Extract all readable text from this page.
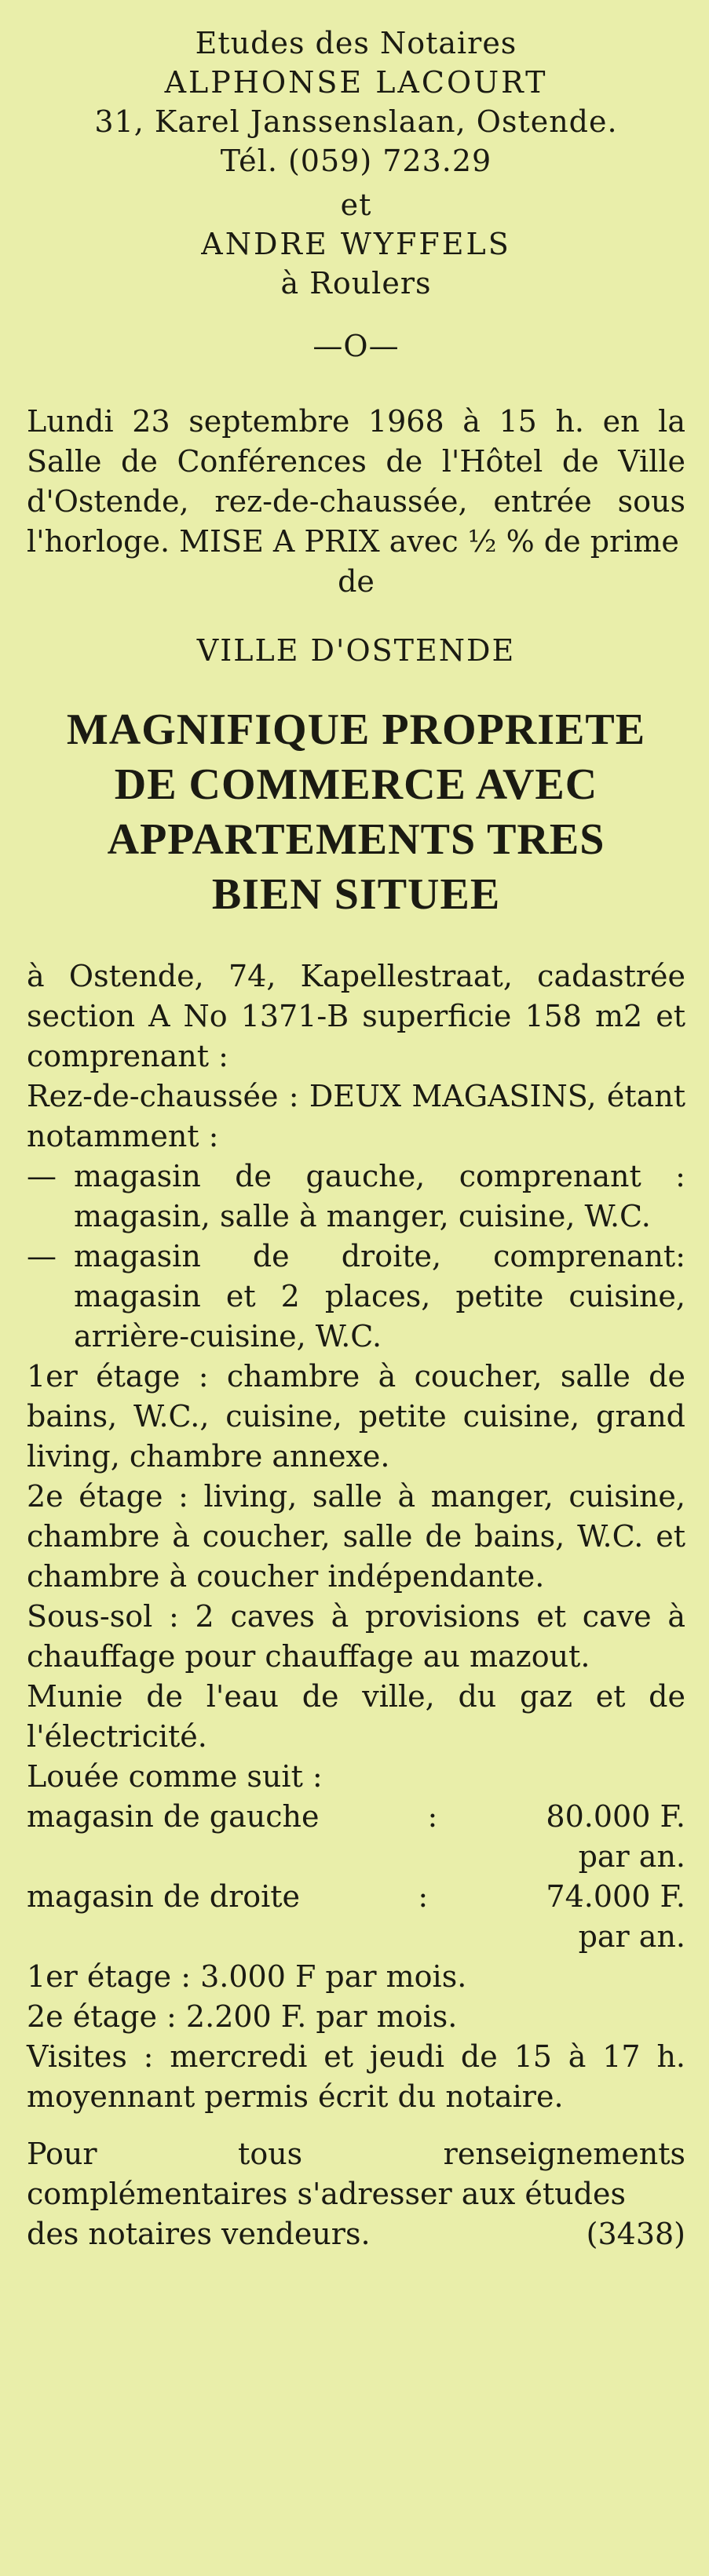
Etudes des Notaires
ALPHONSE LACOURT
31, Karel Janssenslaan, Ostende.
Tél. (059) 723.29
et
ANDRE WYFFELS
à Roulers
—O—
Lundi 23 septembre 1968 à 15 h. en la Salle de Conférences de l'Hôtel de Ville d'Ostende, rez-de-chaussée, entrée sous l'horloge. MISE A PRIX avec ½ % de prime
de
VILLE D'OSTENDE
MAGNIFIQUE PROPRIETE
DE COMMERCE AVEC
APPARTEMENTS TRES
BIEN SITUEE

à Ostende, 74, Kapellestraat, cadastrée section A No 1371-B superficie 158 m2 et comprenant :

Rez-de-chaussée : DEUX MAGASINS, étant notamment :

— magasin de gauche, comprenant : magasin, salle à manger, cuisine, W.C.
— magasin de droite, comprenant: magasin et 2 places, petite cuisine, arrière-cuisine, W.C.

1er étage : chambre à coucher, salle de bains, W.C., cuisine, petite cuisine, grand living, chambre annexe.

2e étage : living, salle à manger, cuisine, chambre à coucher, salle de bains, W.C. et chambre à coucher indépendante.

Sous-sol : 2 caves à provisions et cave à chauffage pour chauffage au mazout.

Munie de l'eau de ville, du gaz et de l'électricité.

Louée comme suit :

magasin de gauche	:	80.000 F.
par an.
magasin de droite	:	74.000 F.
par an.

1er étage : 3.000 F par mois.

2e étage : 2.200 F. par mois.

Visites : mercredi et jeudi de 15 à 17 h. moyennant permis écrit du notaire.

Pour tous renseignements complémentaires s'adresser aux études

des notaires vendeurs.	(3438)
